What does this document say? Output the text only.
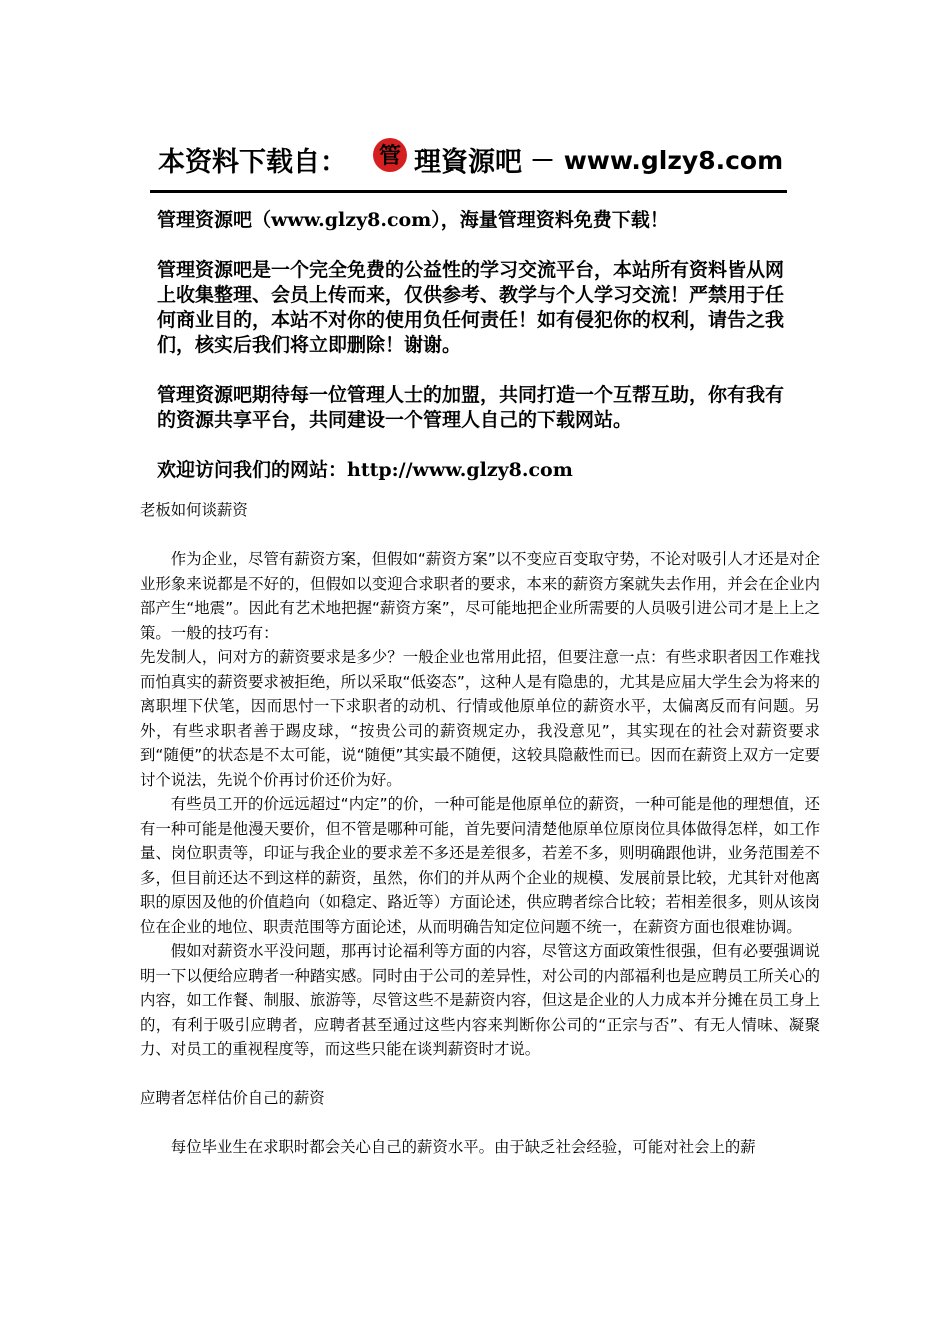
本资料下载自： 管 理資源吧 － www.glzy8.com

管理资源吧（www.glzy8.com），海量管理资料免费下载！

管理资源吧是一个完全免费的公益性的学习交流平台，本站所有资料皆从网上收集整理、会员上传而来，仅供参考、教学与个人学习交流！严禁用于任何商业目的，本站不对你的使用负任何责任！如有侵犯你的权利，请告之我们，核实后我们将立即删除！谢谢。

管理资源吧期待每一位管理人士的加盟，共同打造一个互帮互助，你有我有的资源共享平台，共同建设一个管理人自己的下载网站。

欢迎访问我们的网站：http://www.glzy8.com

老板如何谈薪资

作为企业，尽管有薪资方案，但假如“薪资方案”以不变应百变取守势，不论对吸引人才还是对企业形象来说都是不好的，但假如以变迎合求职者的要求，本来的薪资方案就失去作用，并会在企业内部产生“地震”。因此有艺术地把握“薪资方案”，尽可能地把企业所需要的人员吸引进公司才是上上之策。一般的技巧有：

先发制人，问对方的薪资要求是多少？一般企业也常用此招，但要注意一点：有些求职者因工作难找而怕真实的薪资要求被拒绝，所以采取“低姿态”，这种人是有隐患的，尤其是应届大学生会为将来的离职埋下伏笔，因而思忖一下求职者的动机、行情或他原单位的薪资水平，太偏离反而有问题。另外，有些求职者善于踢皮球，“按贵公司的薪资规定办，我没意见”，其实现在的社会对薪资要求到“随便”的状态是不太可能，说“随便”其实最不随便，这较具隐蔽性而已。因而在薪资上双方一定要讨个说法，先说个价再讨价还价为好。

有些员工开的价远远超过“内定”的价，一种可能是他原单位的薪资，一种可能是他的理想值，还有一种可能是他漫天要价，但不管是哪种可能，首先要问清楚他原单位原岗位具体做得怎样，如工作量、岗位职责等，印证与我企业的要求差不多还是差很多，若差不多，则明确跟他讲，业务范围差不多，但目前还达不到这样的薪资，虽然，你们的并从两个企业的规模、发展前景比较，尤其针对他离职的原因及他的价值趋向（如稳定、路近等）方面论述，供应聘者综合比较；若相差很多，则从该岗位在企业的地位、职责范围等方面论述，从而明确告知定位问题不统一，在薪资方面也很难协调。

假如对薪资水平没问题，那再讨论福利等方面的内容，尽管这方面政策性很强，但有必要强调说明一下以便给应聘者一种踏实感。同时由于公司的差异性，对公司的内部福利也是应聘员工所关心的内容，如工作餐、制服、旅游等，尽管这些不是薪资内容，但这是企业的人力成本并分摊在员工身上的，有利于吸引应聘者，应聘者甚至通过这些内容来判断你公司的“正宗与否”、有无人情味、凝聚力、对员工的重视程度等，而这些只能在谈判薪资时才说。

应聘者怎样估价自己的薪资

每位毕业生在求职时都会关心自己的薪资水平。由于缺乏社会经验，可能对社会上的薪
